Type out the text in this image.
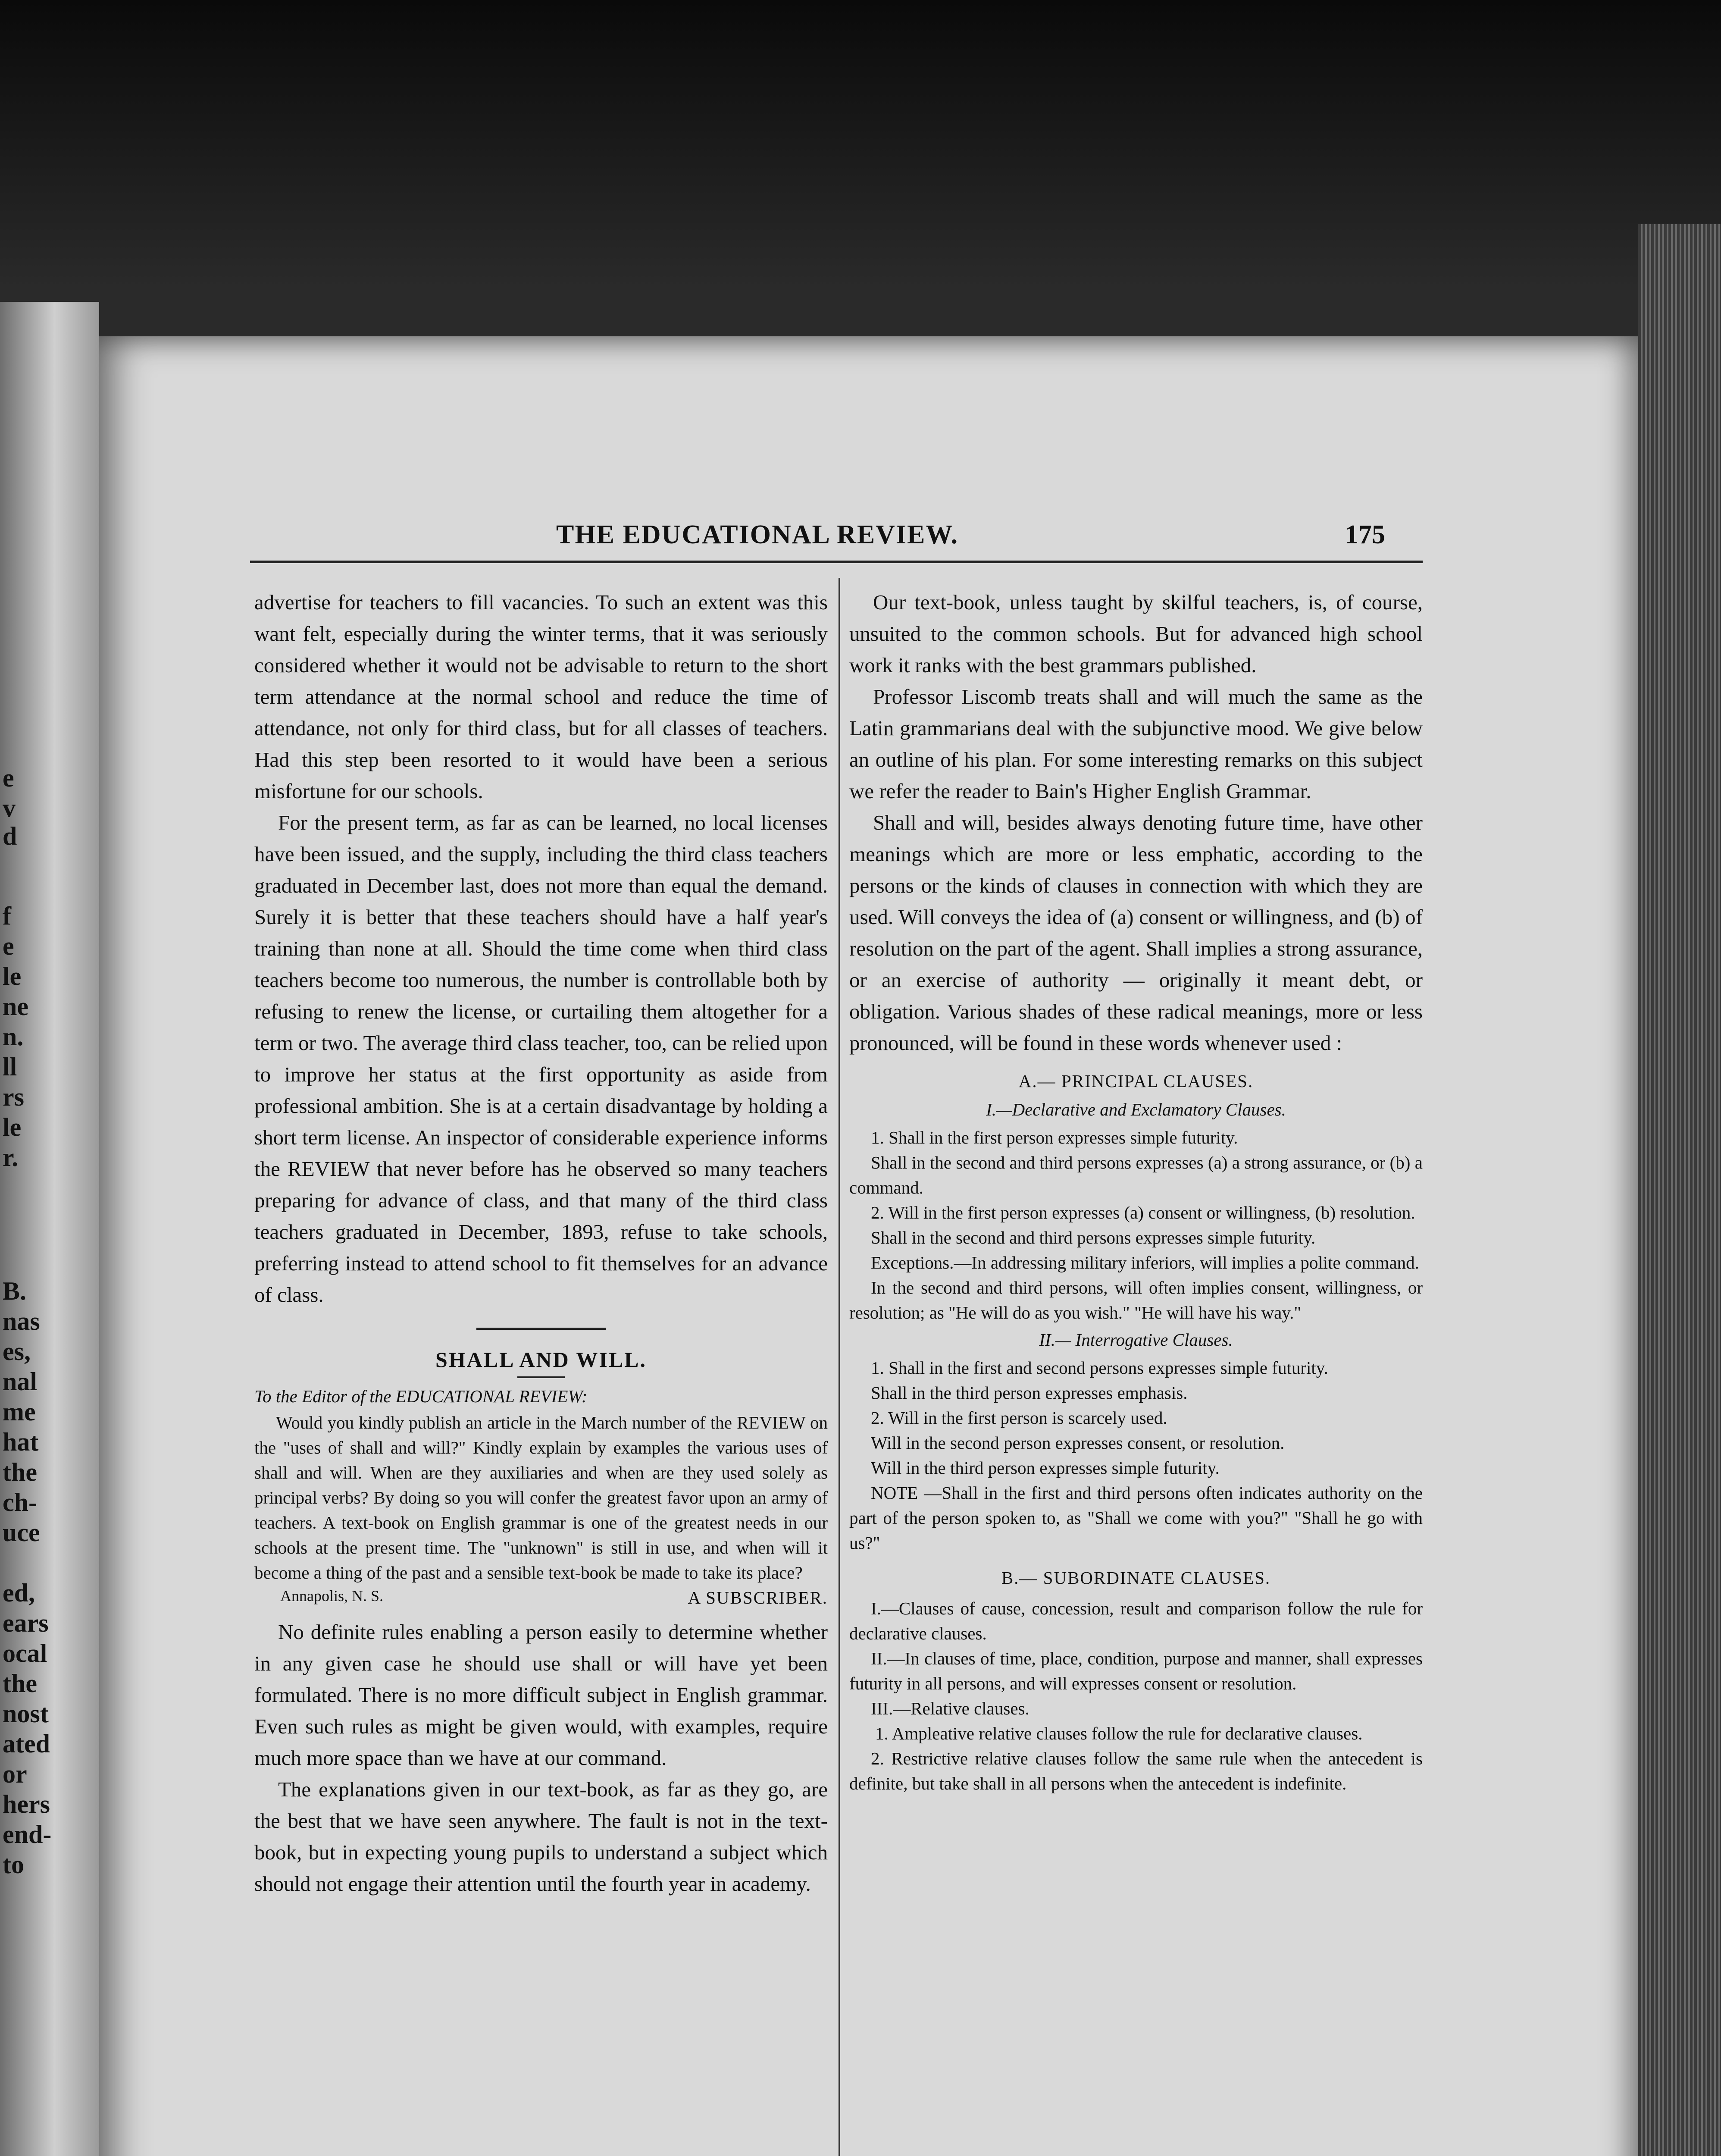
e
v
d
f
e
le
ne
n.
ll
rs
le
r.
B.
nas
es,
nal
me
hat
the
ch-
uce
ed,
ears
ocal
the
nost
ated
or
hers
end-
to
THE EDUCATIONAL REVIEW.	175

advertise for teachers to fill vacancies. To such an extent was this want felt, especially during the winter terms, that it was seriously considered whether it would not be advisable to return to the short term attendance at the normal school and reduce the time of attendance, not only for third class, but for all classes of teachers. Had this step been resorted to it would have been a serious misfortune for our schools.

For the present term, as far as can be learned, no local licenses have been issued, and the supply, including the third class teachers graduated in December last, does not more than equal the demand. Surely it is better that these teachers should have a half year's training than none at all. Should the time come when third class teachers become too numerous, the number is controllable both by refusing to renew the license, or curtailing them altogether for a term or two. The average third class teacher, too, can be relied upon to improve her status at the first opportunity as aside from professional ambition. She is at a certain disadvantage by holding a short term license. An inspector of considerable experience informs the REVIEW that never before has he observed so many teachers preparing for advance of class, and that many of the third class teachers graduated in December, 1893, refuse to take schools, preferring instead to attend school to fit themselves for an advance of class.

SHALL AND WILL.
To the Editor of the EDUCATIONAL REVIEW:

Would you kindly publish an article in the March number of the REVIEW on the "uses of shall and will?" Kindly explain by examples the various uses of shall and will. When are they auxiliaries and when are they used solely as principal verbs? By doing so you will confer the greatest favor upon an army of teachers. A text-book on English grammar is one of the greatest needs in our schools at the present time. The "unknown" is still in use, and when will it become a thing of the past and a sensible text-book be made to take its place?
A SUBSCRIBER.

Annapolis, N. S.

No definite rules enabling a person easily to determine whether in any given case he should use shall or will have yet been formulated. There is no more difficult subject in English grammar. Even such rules as might be given would, with examples, require much more space than we have at our command.

The explanations given in our text-book, as far as they go, are the best that we have seen anywhere. The fault is not in the text-book, but in expecting young pupils to understand a subject which should not engage their attention until the fourth year in academy.

Our text-book, unless taught by skilful teachers, is, of course, unsuited to the common schools. But for advanced high school work it ranks with the best grammars published.

Professor Liscomb treats shall and will much the same as the Latin grammarians deal with the subjunctive mood. We give below an outline of his plan. For some interesting remarks on this subject we refer the reader to Bain's Higher English Grammar.

Shall and will, besides always denoting future time, have other meanings which are more or less emphatic, according to the persons or the kinds of clauses in connection with which they are used. Will conveys the idea of (a) consent or willingness, and (b) of resolution on the part of the agent. Shall implies a strong assurance, or an exercise of authority — originally it meant debt, or obligation. Various shades of these radical meanings, more or less pronounced, will be found in these words whenever used :

A.— PRINCIPAL CLAUSES.
I.—Declarative and Exclamatory Clauses.

1. Shall in the first person expresses simple futurity.

Shall in the second and third persons expresses (a) a strong assurance, or (b) a command.

2. Will in the first person expresses (a) consent or willingness, (b) resolution.

Shall in the second and third persons expresses simple futurity.

Exceptions.—In addressing military inferiors, will implies a polite command.

In the second and third persons, will often implies consent, willingness, or resolution; as "He will do as you wish." "He will have his way."

II.— Interrogative Clauses.

1. Shall in the first and second persons expresses simple futurity.

Shall in the third person expresses emphasis.

2. Will in the first person is scarcely used.

Will in the second person expresses consent, or resolution.

Will in the third person expresses simple futurity.

NOTE —Shall in the first and third persons often indicates authority on the part of the person spoken to, as "Shall we come with you?" "Shall he go with us?"

B.— SUBORDINATE CLAUSES.

I.—Clauses of cause, concession, result and comparison follow the rule for declarative clauses.

II.—In clauses of time, place, condition, purpose and manner, shall expresses futurity in all persons, and will expresses consent or resolution.

III.—Relative clauses.

1. Ampleative relative clauses follow the rule for declarative clauses.

2. Restrictive relative clauses follow the same rule when the antecedent is definite, but take shall in all persons when the antecedent is indefinite.
